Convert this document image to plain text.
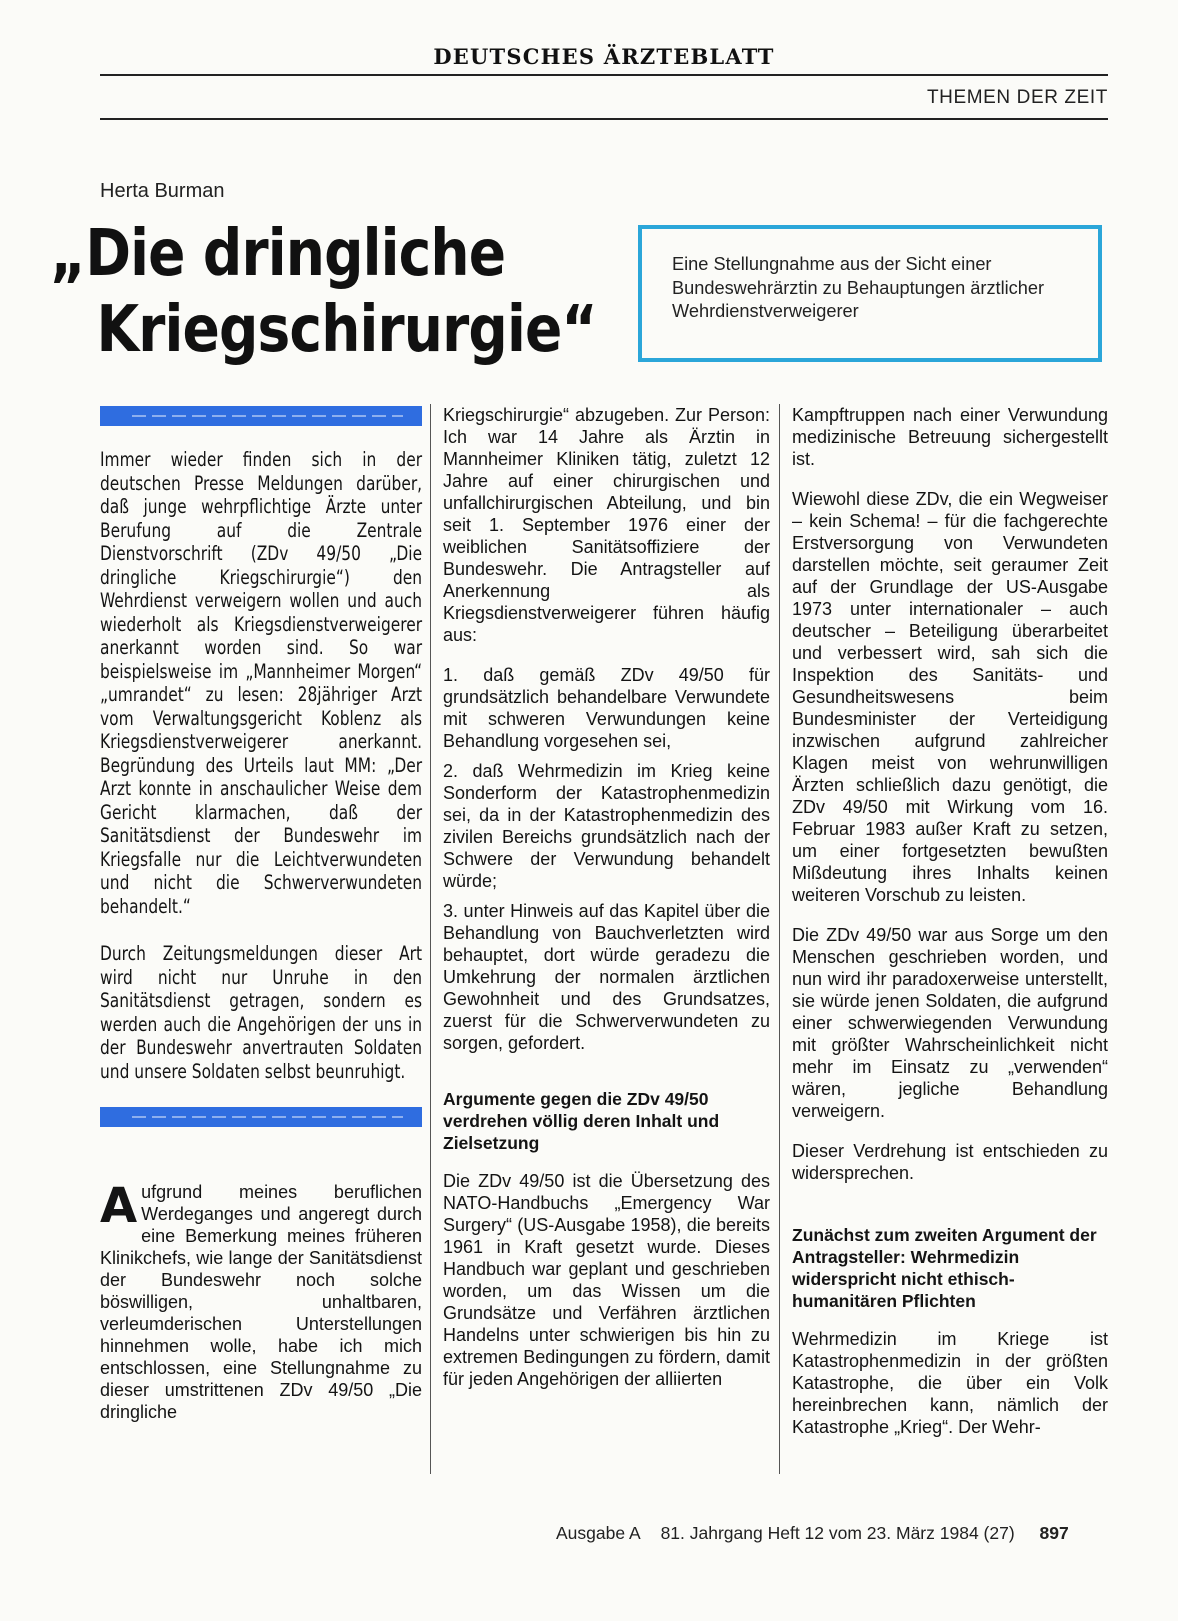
DEUTSCHES ÄRZTEBLATT
THEMEN DER ZEIT
Herta Burman
„Die dringliche
Kriegschirurgie“
Eine Stellungnahme aus der Sicht einer Bundeswehrärztin zu Behauptungen ärztlicher Wehrdienstverweigerer

Immer wieder finden sich in der deutschen Presse Meldungen darüber, daß junge wehrpflichtige Ärzte unter Berufung auf die Zentrale Dienstvorschrift (ZDv 49/50 „Die dringliche Kriegschirurgie“) den Wehrdienst verweigern wollen und auch wiederholt als Kriegsdienstverweigerer anerkannt worden sind. So war beispielsweise im „Mannheimer Morgen“ „umrandet“ zu lesen: 28jähriger Arzt vom Verwaltungsgericht Koblenz als Kriegsdienstverweigerer anerkannt. Begründung des Urteils laut MM: „Der Arzt konnte in anschaulicher Weise dem Gericht klarmachen, daß der Sanitätsdienst der Bundeswehr im Kriegsfalle nur die Leichtverwundeten und nicht die Schwerverwundeten behandelt.“

Durch Zeitungsmeldungen dieser Art wird nicht nur Unruhe in den Sanitätsdienst getragen, sondern es werden auch die Angehörigen der uns in der Bundeswehr anvertrauten Soldaten und unsere Soldaten selbst beunruhigt.

Aufgrund meines beruflichen Werdeganges und angeregt durch eine Bemerkung meines früheren Klinikchefs, wie lange der Sanitätsdienst der Bundeswehr noch solche böswilligen, unhaltbaren, verleumderischen Unterstellungen hinnehmen wolle, habe ich mich entschlossen, eine Stellungnahme zu dieser umstrittenen ZDv 49/50 „Die dringliche

Kriegschirurgie“ abzugeben. Zur Person: Ich war 14 Jahre als Ärztin in Mannheimer Kliniken tätig, zuletzt 12 Jahre auf einer chirurgischen und unfallchirurgischen Abteilung, und bin seit 1. September 1976 einer der weiblichen Sanitätsoffiziere der Bundeswehr. Die Antragsteller auf Anerkennung als Kriegsdienstverweigerer führen häufig aus:

1. daß gemäß ZDv 49/50 für grundsätzlich behandelbare Verwundete mit schweren Verwundungen keine Behandlung vorgesehen sei,

2. daß Wehrmedizin im Krieg keine Sonderform der Katastrophenmedizin sei, da in der Katastrophenmedizin des zivilen Bereichs grundsätzlich nach der Schwere der Verwundung behandelt würde;

3. unter Hinweis auf das Kapitel über die Behandlung von Bauchverletzten wird behauptet, dort würde geradezu die Umkehrung der normalen ärztlichen Gewohnheit und des Grundsatzes, zuerst für die Schwerverwundeten zu sorgen, gefordert.

Argumente gegen die ZDv 49/50 verdrehen völlig deren Inhalt und Zielsetzung

Die ZDv 49/50 ist die Übersetzung des NATO-Handbuchs „Emergency War Surgery“ (US-Ausgabe 1958), die bereits 1961 in Kraft gesetzt wurde. Dieses Handbuch war geplant und geschrieben worden, um das Wissen um die Grundsätze und Verfähren ärztlichen Handelns unter schwierigen bis hin zu extremen Bedingungen zu fördern, damit für jeden Angehörigen der alliierten

Kampftruppen nach einer Verwundung medizinische Betreuung sichergestellt ist.

Wiewohl diese ZDv, die ein Wegweiser – kein Schema! – für die fachgerechte Erstversorgung von Verwundeten darstellen möchte, seit geraumer Zeit auf der Grundlage der US-Ausgabe 1973 unter internationaler – auch deutscher – Beteiligung überarbeitet und verbessert wird, sah sich die Inspektion des Sanitäts- und Gesundheitswesens beim Bundesminister der Verteidigung inzwischen aufgrund zahlreicher Klagen meist von wehrunwilligen Ärzten schließlich dazu genötigt, die ZDv 49/50 mit Wirkung vom 16. Februar 1983 außer Kraft zu setzen, um einer fortgesetzten bewußten Mißdeutung ihres Inhalts keinen weiteren Vorschub zu leisten.

Die ZDv 49/50 war aus Sorge um den Menschen geschrieben worden, und nun wird ihr paradoxerweise unterstellt, sie würde jenen Soldaten, die aufgrund einer schwerwiegenden Verwundung mit größter Wahrscheinlichkeit nicht mehr im Einsatz zu „verwenden“ wären, jegliche Behandlung verweigern.

Dieser Verdrehung ist entschieden zu widersprechen.

Zunächst zum zweiten Argument der Antragsteller: Wehrmedizin widerspricht nicht ethisch-humanitären Pflichten

Wehrmedizin im Kriege ist Katastrophenmedizin in der größten Katastrophe, die über ein Volk hereinbrechen kann, nämlich der Katastrophe „Krieg“. Der Wehr-

Ausgabe A 81. Jahrgang Heft 12 vom 23. März 1984 (27) 897
